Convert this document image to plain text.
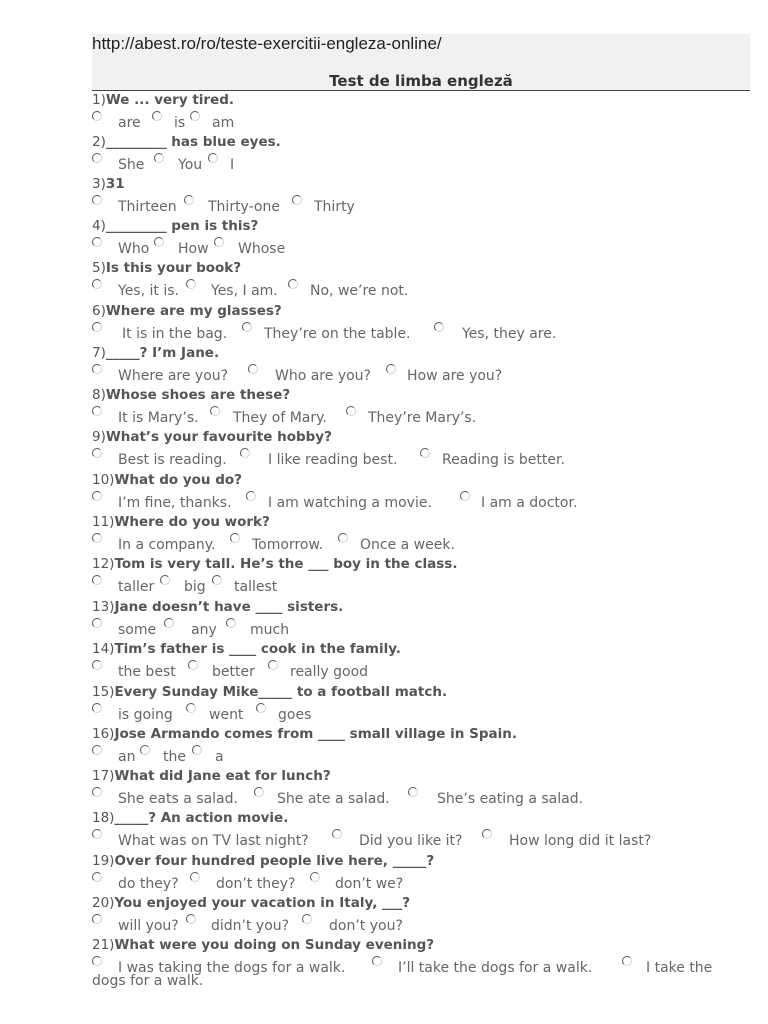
http://abest.ro/ro/teste-exercitii-engleza-online/
Test de limba engleză
1)We ... very tired.
are is am
2)_________ has blue eyes.
She You I
3)31
Thirteen Thirty-one Thirty
4)_________ pen is this?
Who How Whose
5)Is this your book?
Yes, it is. Yes, I am. No, we’re not.
6)Where are my glasses?
It is in the bag.	They’re on the table.	Yes, they are.
7)_____? I’m Jane.
Where are you?	Who are you?	How are you?
8)Whose shoes are these?
It is Mary’s. They of Mary.	They’re Mary’s.
9)What’s your favourite hobby?
Best is reading.	I like reading best.	Reading is better.
10)What do you do?
I’m fine, thanks.	I am watching a movie.	I am a doctor.
11)Where do you work?
In a company.	Tomorrow.	Once a week.
12)Tom is very tall. He’s the ___ boy in the class.
taller big tallest
13)Jane doesn’t have ____ sisters.
some any much
14)Tim’s father is ____ cook in the family.
the best	better	really good
15)Every Sunday Mike_____ to a football match.
is going	went goes
16)Jose Armando comes from ____ small village in Spain.
an the a
17)What did Jane eat for lunch?
She eats a salad.	She ate a salad.	She’s eating a salad.
18)_____? An action movie.
What was on TV last night?	Did you like it?	How long did it last?
19)Over four hundred people live here, _____?
do they?	don’t they?	don’t we?
20)You enjoyed your vacation in Italy, ___?
will you? didn’t you?	don’t you?
21)What were you doing on Sunday evening?
I was taking the dogs for a walk.	I’ll take the dogs for a walk.	I take the
dogs for a walk.
